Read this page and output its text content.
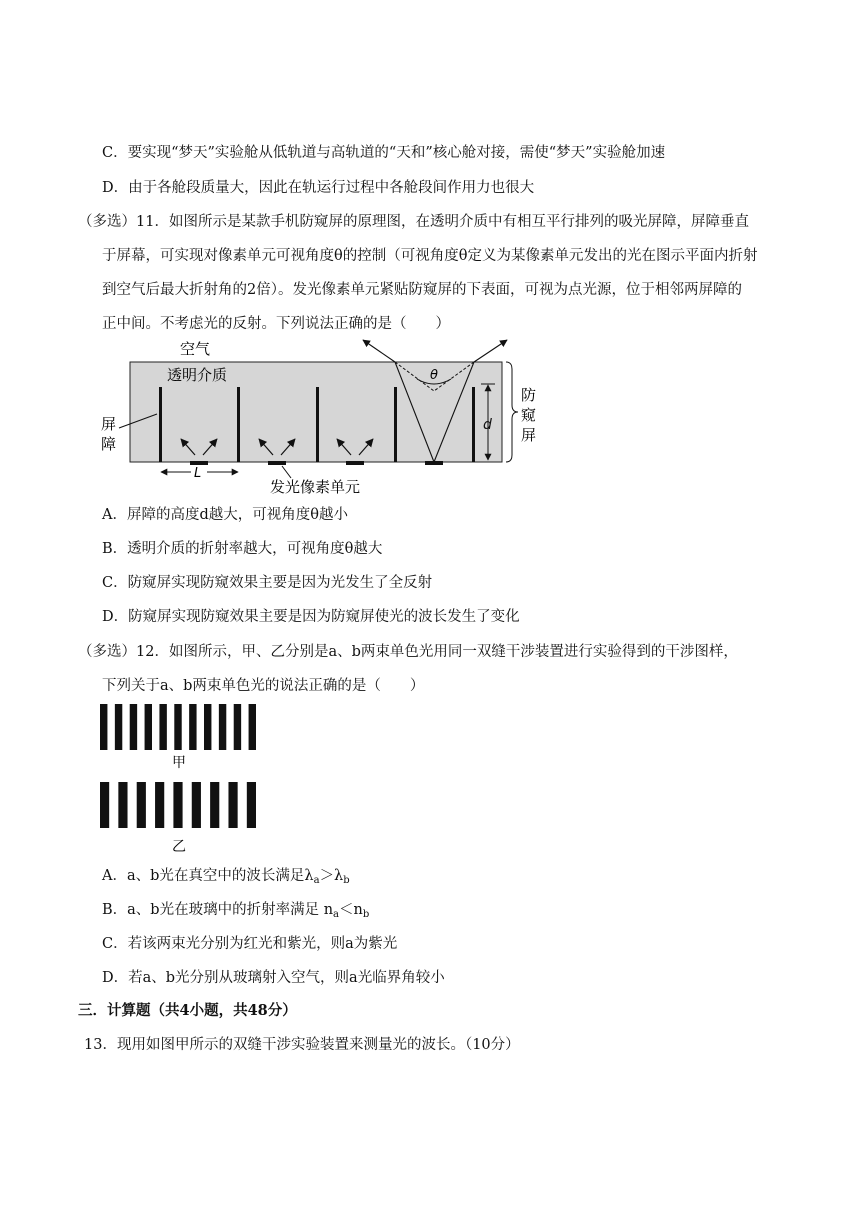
C．要实现“梦天”实验舱从低轨道与高轨道的“天和”核心舱对接，需使“梦天”实验舱加速
D．由于各舱段质量大，因此在轨运行过程中各舱段间作用力也很大
（多选）11．如图所示是某款手机防窥屏的原理图，在透明介质中有相互平行排列的吸光屏障，屏障垂直
于屏幕，可实现对像素单元可视角度θ的控制（可视角度θ定义为某像素单元发出的光在图示平面内折射
到空气后最大折射角的2倍）。发光像素单元紧贴防窥屏的下表面，可视为点光源，位于相邻两屏障的
正中间。不考虑光的反射。下列说法正确的是（　　）
空气
透明介质	θ
d
防
窥
屏
屏
障
L
发光像素单元
A．屏障的高度d越大，可视角度θ越小
B．透明介质的折射率越大，可视角度θ越大
C．防窥屏实现防窥效果主要是因为光发生了全反射
D．防窥屏实现防窥效果主要是因为防窥屏使光的波长发生了变化
（多选）12．如图所示，甲、乙分别是a、b两束单色光用同一双缝干涉装置进行实验得到的干涉图样，
下列关于a、b两束单色光的说法正确的是（　　）
甲
乙
A．a、b光在真空中的波长满足$\lambda_a>\lambda_b$
B．a、b光在玻璃中的折射率满足 $n_a<n_b$
C．若该两束光分别为红光和紫光，则a为紫光
D．若a、b光分别从玻璃射入空气，则a光临界角较小
三．计算题（共4小题，共48分）
13．现用如图甲所示的双缝干涉实验装置来测量光的波长。（10分）
